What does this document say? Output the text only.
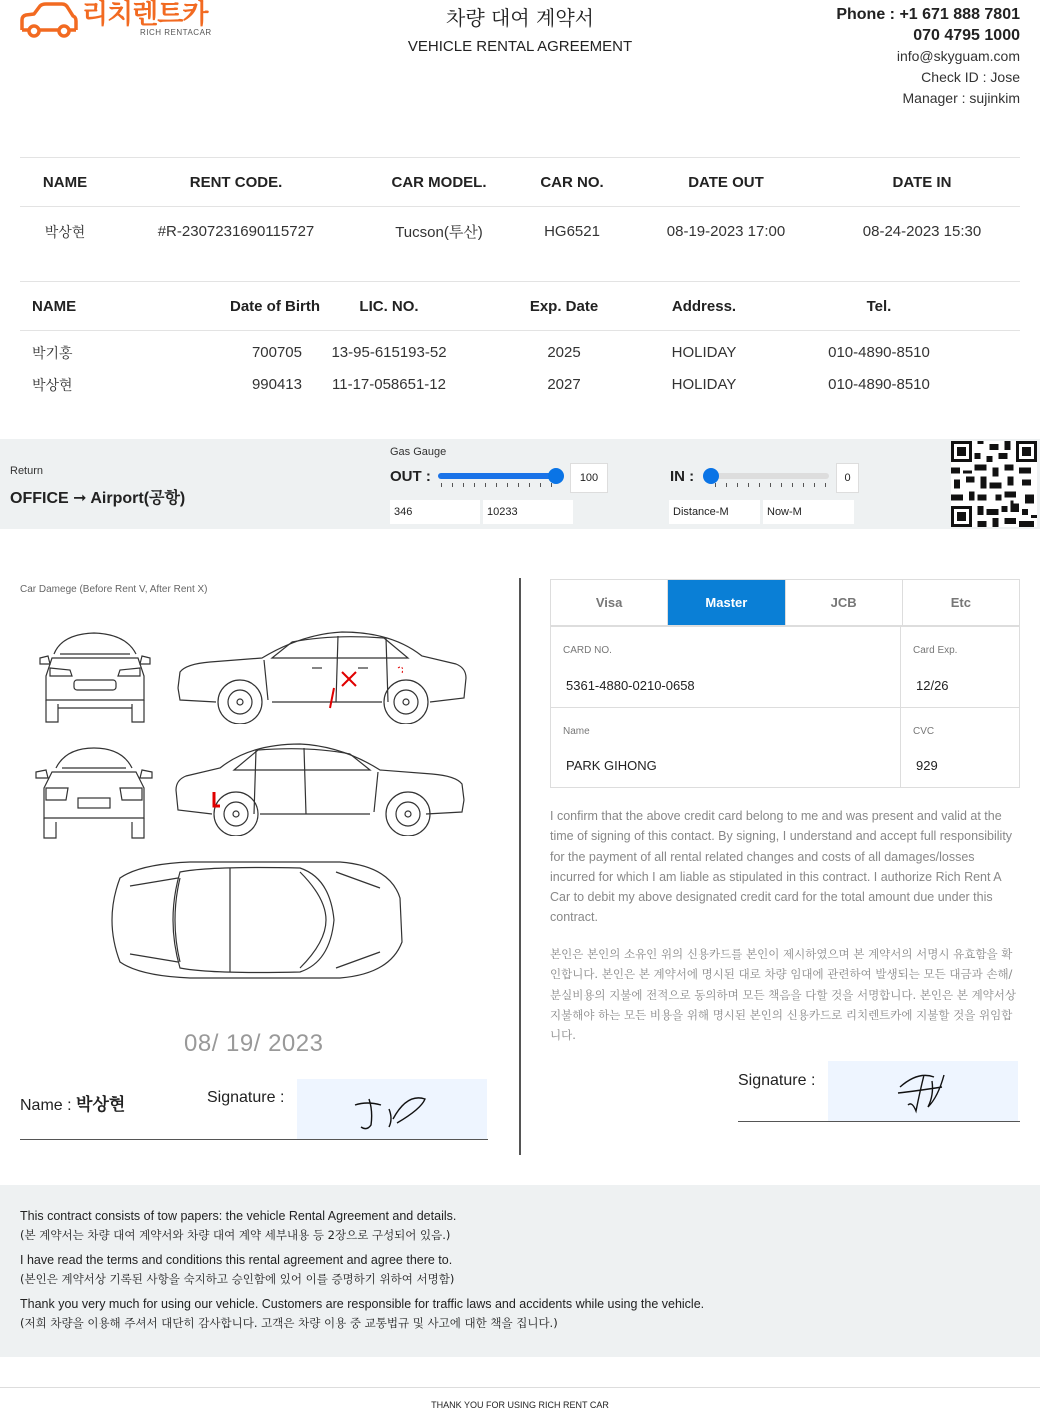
리치렌트카
RICH RENTACAR
차량 대여 계약서
VEHICLE RENTAL AGREEMENT
Phone : +1 671 888 7801
070 4795 1000
info@skyguam.com
Check ID : Jose
Manager : sujinkim
NAME	RENT CODE.	CAR MODEL.	CAR NO.	DATE OUT	DATE IN
박상현	#R-2307231690115727	Tucson(투산)	HG6521	08-19-2023 17:00	08-24-2023 15:30
NAME	Date of Birth	LIC. NO.	Exp. Date	Address.	Tel.
박기홍	700705	13-95-615193-52	2025	HOLIDAY	010-4890-8510
박상현	990413	11-17-058651-12	2027	HOLIDAY	010-4890-8510
Return
OFFICE ➞ Airport(공항)
Gas Gauge
OUT :	100	IN :	0
346	10233	Distance-M	Now-M
Car Damege (Before Rent V, After Rent X)
08/ 19/ 2023
Name : 박상현	Signature :
Visa	Master	JCB	Etc
CARD NO.
5361-4880-0210-0658
Card Exp.
12/26
Name
PARK GIHONG
CVC
929
I confirm that the above credit card belong to me and was present and valid at the time of signing of this contact. By signing, I understand and accept full responsibility for the payment of all rental related changes and costs of all damages/losses incurred for which I am liable as stipulated in this contract. I authorize Rich Rent A Car to debit my above designated credit card for the total amount due under this contract.
본인은 본인의 소유인 위의 신용카드를 본인이 제시하였으며 본 계약서의 서명시 유효함을 확인합니다. 본인은 본 계약서에 명시된 대로 차량 임대에 관련하여 발생되는 모든 대금과 손해/분실비용의 지불에 전적으로 동의하며 모든 책음을 다할 것을 서명합니다. 본인은 본 계약서상 지불해야 하는 모든 비용을 위해 명시된 본인의 신용카드로 리치렌트카에 지불할 것을 위임합니다.
Signature :

This contract consists of tow papers: the vehicle Rental Agreement and details.
(본 계약서는 차량 대여 계약서와 차량 대여 계약 세부내용 등 2장으로 구성되어 있음.)

I have read the terms and conditions this rental agreement and agree there to.
(본인은 계약서상 기록된 사항을 숙지하고 승인함에 있어 이를 증명하기 위하여 서명함)

Thank you very much for using our vehicle. Customers are responsible for traffic laws and accidents while using the vehicle.
(저희 차량을 이용해 주셔서 대단히 감사합니다. 고객은 차량 이용 중 교통법규 및 사고에 대한 책을 집니다.)

THANK YOU FOR USING RICH RENT CAR
